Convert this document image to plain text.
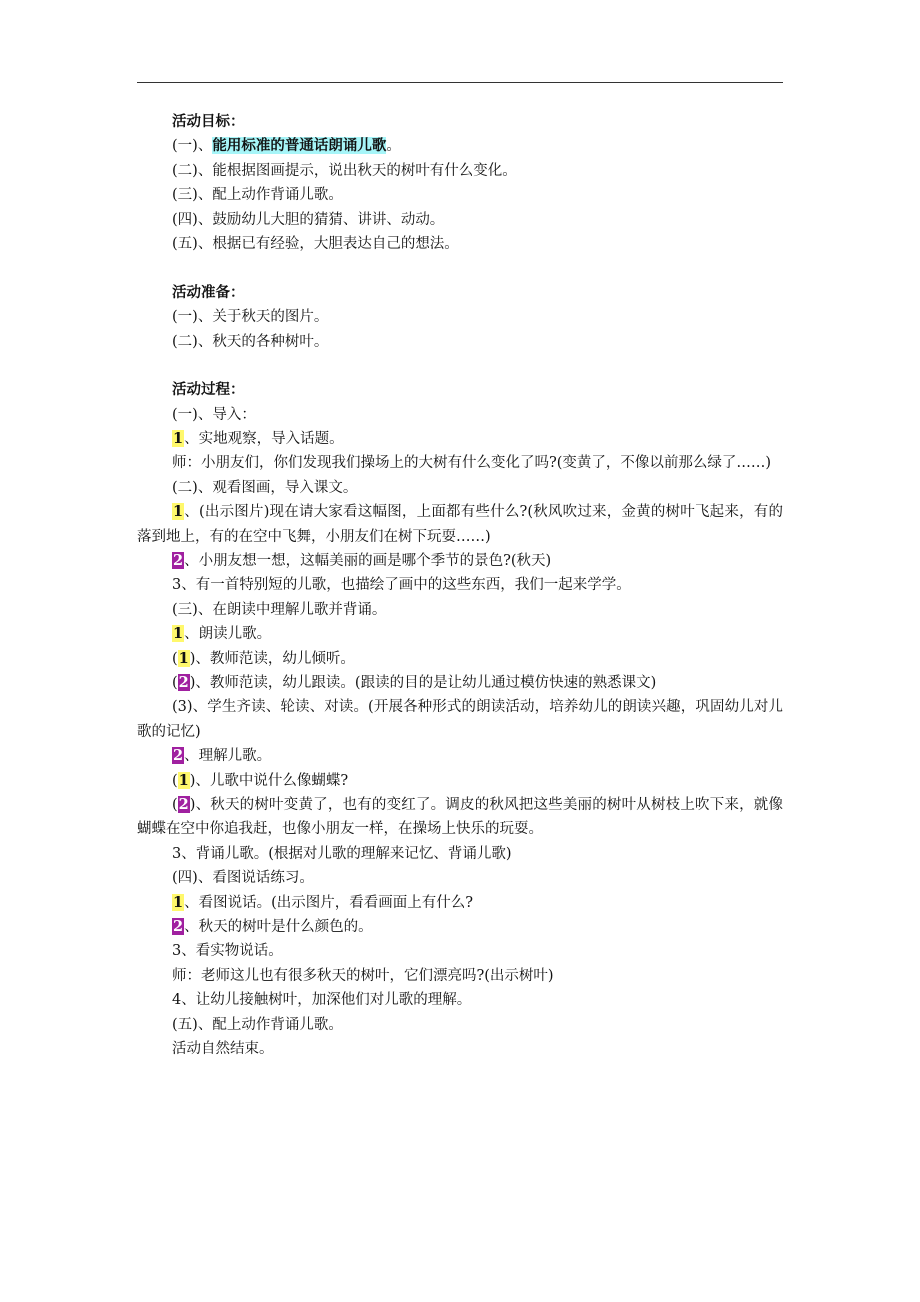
活动目标：
(一)、能用标准的普通话朗诵儿歌。
(二)、能根据图画提示，说出秋天的树叶有什么变化。
(三)、配上动作背诵儿歌。
(四)、鼓励幼儿大胆的猜猜、讲讲、动动。
(五)、根据已有经验，大胆表达自己的想法。
活动准备：
(一)、关于秋天的图片。
(二)、秋天的各种树叶。
活动过程：
(一)、导入：
1、实地观察，导入话题。
师：小朋友们，你们发现我们操场上的大树有什么变化了吗?(变黄了，不像以前那么绿了……)
(二)、观看图画，导入课文。
1、(出示图片)现在请大家看这幅图，上面都有些什么?(秋风吹过来，金黄的树叶飞起来，有的落到地上，有的在空中飞舞，小朋友们在树下玩耍……)
2、小朋友想一想，这幅美丽的画是哪个季节的景色?(秋天)
3、有一首特别短的儿歌，也描绘了画中的这些东西，我们一起来学学。
(三)、在朗读中理解儿歌并背诵。
1、朗读儿歌。
(1)、教师范读，幼儿倾听。
(2)、教师范读，幼儿跟读。(跟读的目的是让幼儿通过模仿快速的熟悉课文)
(3)、学生齐读、轮读、对读。(开展各种形式的朗读活动，培养幼儿的朗读兴趣，巩固幼儿对儿歌的记忆)
2、理解儿歌。
(1)、儿歌中说什么像蝴蝶?
(2)、秋天的树叶变黄了，也有的变红了。调皮的秋风把这些美丽的树叶从树枝上吹下来，就像蝴蝶在空中你追我赶，也像小朋友一样，在操场上快乐的玩耍。
3、背诵儿歌。(根据对儿歌的理解来记忆、背诵儿歌)
(四)、看图说话练习。
1、看图说话。(出示图片，看看画面上有什么?
2、秋天的树叶是什么颜色的。
3、看实物说话。
师：老师这儿也有很多秋天的树叶，它们漂亮吗?(出示树叶)
4、让幼儿接触树叶，加深他们对儿歌的理解。
(五)、配上动作背诵儿歌。
活动自然结束。
